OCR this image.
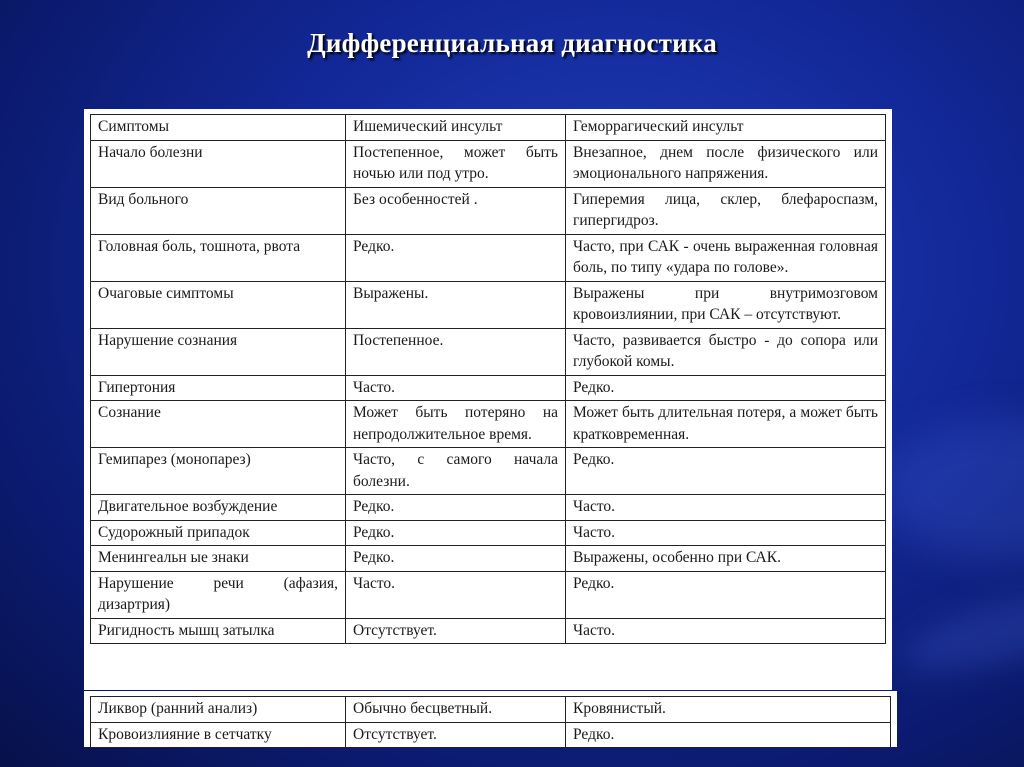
Дифференциальная диагностика
Симптомы	Ишемический инсульт	Геморрагический инсульт
Начало болезни	Постепенное, может быть ночью или под утро.	Внезапное, днем после физического или эмоционального напряжения.
Вид больного	Без особенностей .	Гиперемия лица, склер, блефароспазм, гипергидроз.
Головная боль, тошнота, рвота	Редко.	Часто, при САК - очень выраженная головная боль, по типу «удара по голове».
Очаговые симптомы	Выражены.	Выражены при внутримозговом кровоизлиянии, при САК – отсутствуют.
Нарушение сознания	Постепенное.	Часто, развивается быстро - до сопора или глубокой комы.
Гипертония	Часто.	Редко.
Сознание	Может быть потеряно на непродолжительное время.	Может быть длительная потеря, а может быть кратковременная.
Гемипарез (монопарез)	Часто, с самого начала болезни.	Редко.
Двигательное возбуждение	Редко.	Часто.
Судорожный припадок	Редко.	Часто.
Менингеальн ые знаки	Редко.	Выражены, особенно при САК.
Нарушение речи (афазия, дизартрия)	Часто.	Редко.
Ригидность мышц затылка	Отсутствует.	Часто.
Ликвор (ранний анализ)	Обычно бесцветный.	Кровянистый.
Кровоизлияние в сетчатку	Отсутствует.	Редко.
